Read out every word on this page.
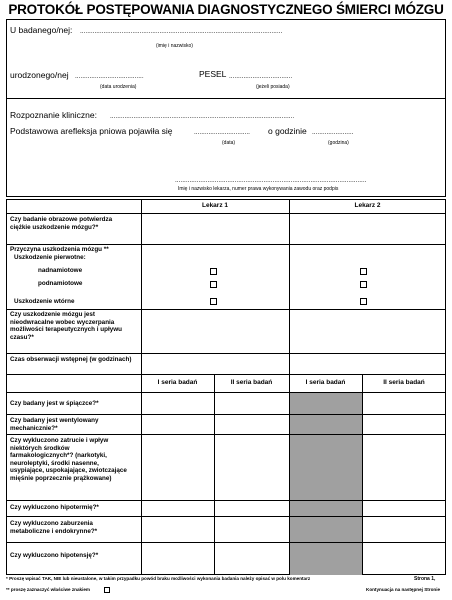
PROTOKÓŁ POSTĘPOWANIA DIAGNOSTYCZNEGO ŚMIERCI MÓZGU
U badanego/nej: ................................................................................................................
(imię i nazwisko)
urodzonego/nej ......................................	PESEL ...................................
(data urodzenia)	(jeżeli posiada)
Rozpoznanie kliniczne: ......................................................................................................
Podstawowa arefleksja pniowa pojawiła się	...............................	o godzinie .......................
(data)	(godzina)
..........................................................................................................
Imię i nazwisko lekarza, numer prawa wykonywania zawodu oraz podpis
Lekarz 1	Lekarz 2
I seria badań	II seria badań	I seria badań	II seria badań
Czy badanie obrazowe potwierdza ciężkie uszkodzenie mózgu?*
Przyczyna uszkodzenia mózgu **
Uszkodzenie pierwotne:
nadnamiotowe
podnamiotowe
Uszkodzenie wtórne
Czy uszkodzenie mózgu jest nieodwracalne wobec wyczerpania możliwości terapeutycznych i upływu czasu?*
Czas obserwacji wstępnej (w godzinach)
Czy badany jest w śpiączce?*
Czy badany jest wentylowany mechanicznie?*
Czy wykluczono zatrucie i wpływ niektórych środków farmakologicznych*? (narkotyki, neuroleptyki, środki nasenne, usypiające, uspokajające, zwiotczające mięśnie poprzecznie prążkowane)
Czy wykluczono hipotermię?*
Czy wykluczono zaburzenia metaboliczne i endokrynne?*
Czy wykluczono hipotensję?*
* Proszę wpisać TAK, NIE lub nieustalone, w takim przypadku powód braku możliwości wykonania badania należy opisać w polu komentarz	Strona 1,
** proszę zaznaczyć właściwe znakiem	Kontynuacja na następnej Stronie
